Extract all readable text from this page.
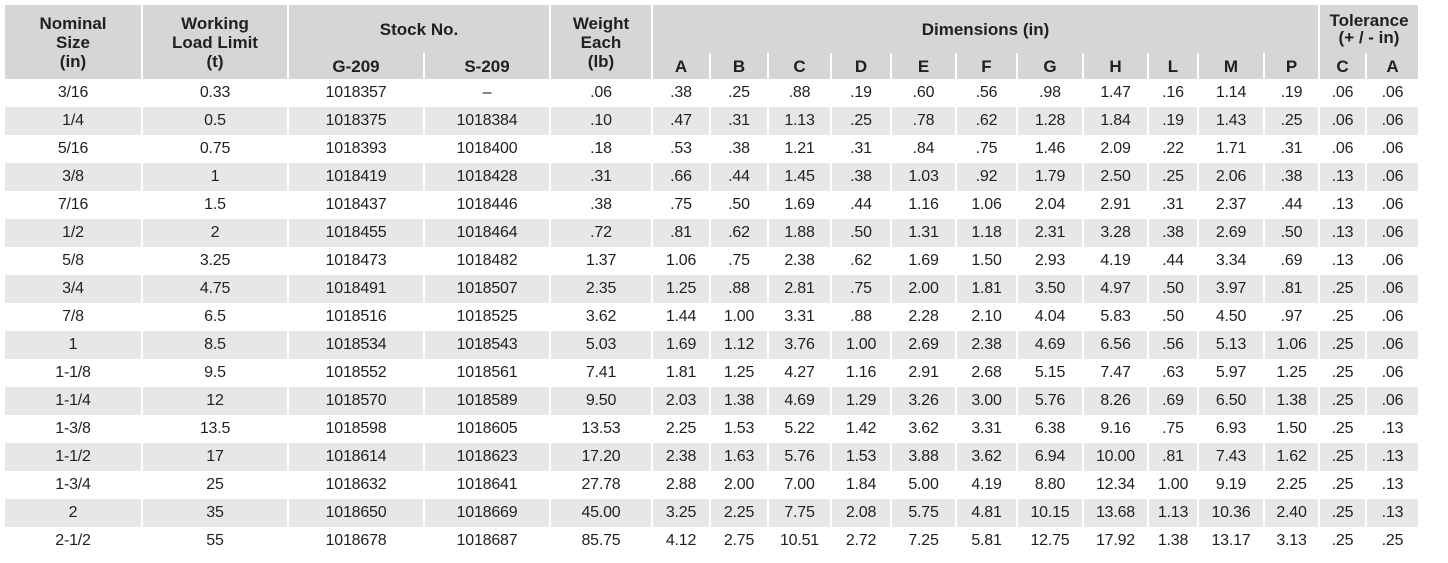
Nominal
Size
(in)	Working
Load Limit
(t)	Stock No.		Weight
Each
(lb)	Dimensions (in)											Tolerance
(+ / - in)	
		G-209	S-209		A	B	C	D	E	F	G	H	L	M	P	C	A
3/16	0.33	1018357	–	.06	.38	.25	.88	.19	.60	.56	.98	1.47	.16	1.14	.19	.06	.06
1/4	0.5	1018375	1018384	.10	.47	.31	1.13	.25	.78	.62	1.28	1.84	.19	1.43	.25	.06	.06
5/16	0.75	1018393	1018400	.18	.53	.38	1.21	.31	.84	.75	1.46	2.09	.22	1.71	.31	.06	.06
3/8	1	1018419	1018428	.31	.66	.44	1.45	.38	1.03	.92	1.79	2.50	.25	2.06	.38	.13	.06
7/16	1.5	1018437	1018446	.38	.75	.50	1.69	.44	1.16	1.06	2.04	2.91	.31	2.37	.44	.13	.06
1/2	2	1018455	1018464	.72	.81	.62	1.88	.50	1.31	1.18	2.31	3.28	.38	2.69	.50	.13	.06
5/8	3.25	1018473	1018482	1.37	1.06	.75	2.38	.62	1.69	1.50	2.93	4.19	.44	3.34	.69	.13	.06
3/4	4.75	1018491	1018507	2.35	1.25	.88	2.81	.75	2.00	1.81	3.50	4.97	.50	3.97	.81	.25	.06
7/8	6.5	1018516	1018525	3.62	1.44	1.00	3.31	.88	2.28	2.10	4.04	5.83	.50	4.50	.97	.25	.06
1	8.5	1018534	1018543	5.03	1.69	1.12	3.76	1.00	2.69	2.38	4.69	6.56	.56	5.13	1.06	.25	.06
1-1/8	9.5	1018552	1018561	7.41	1.81	1.25	4.27	1.16	2.91	2.68	5.15	7.47	.63	5.97	1.25	.25	.06
1-1/4	12	1018570	1018589	9.50	2.03	1.38	4.69	1.29	3.26	3.00	5.76	8.26	.69	6.50	1.38	.25	.06
1-3/8	13.5	1018598	1018605	13.53	2.25	1.53	5.22	1.42	3.62	3.31	6.38	9.16	.75	6.93	1.50	.25	.13
1-1/2	17	1018614	1018623	17.20	2.38	1.63	5.76	1.53	3.88	3.62	6.94	10.00	.81	7.43	1.62	.25	.13
1-3/4	25	1018632	1018641	27.78	2.88	2.00	7.00	1.84	5.00	4.19	8.80	12.34	1.00	9.19	2.25	.25	.13
2	35	1018650	1018669	45.00	3.25	2.25	7.75	2.08	5.75	4.81	10.15	13.68	1.13	10.36	2.40	.25	.13
2-1/2	55	1018678	1018687	85.75	4.12	2.75	10.51	2.72	7.25	5.81	12.75	17.92	1.38	13.17	3.13	.25	.25
